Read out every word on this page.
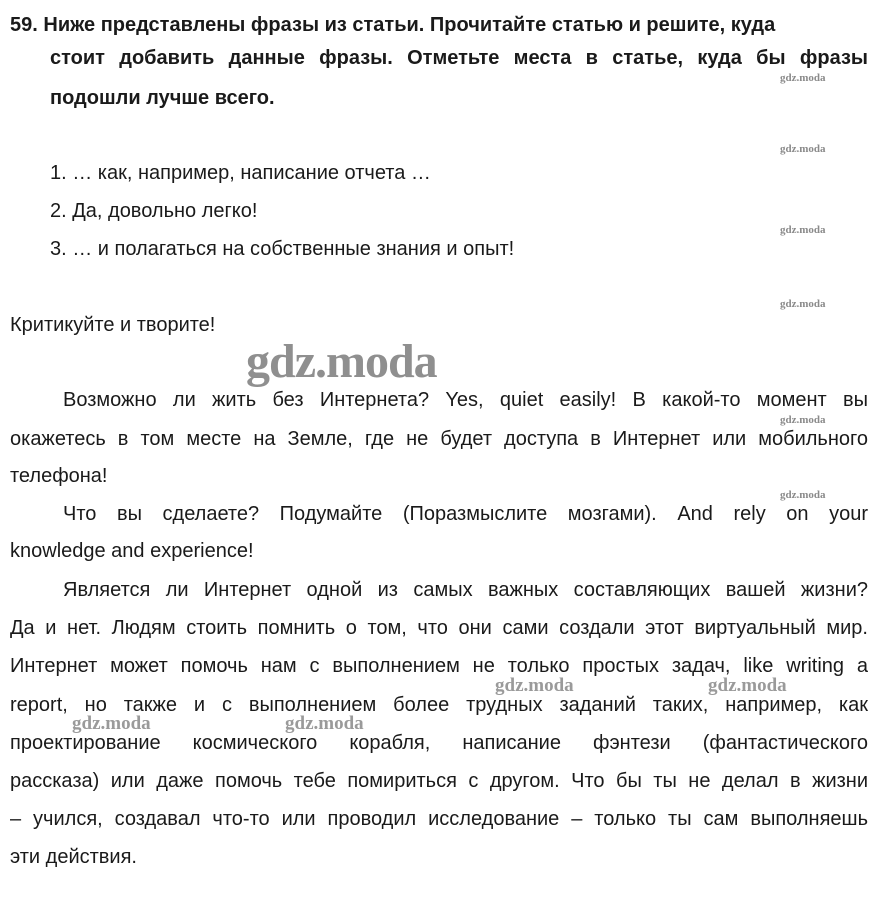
59. Ниже представлены фразы из статьи. Прочитайте статью и решите, куда
стоит добавить данные фразы. Отметьте места в статье, куда бы фразы
подошли лучше всего.
1. … как, например, написание отчета …
2. Да, довольно легко!
3. … и полагаться на собственные знания и опыт!
Критикуйте и творите!
Возможно ли жить без Интернета? Yes, quiet easily! В какой-то момент вы
окажетесь в том месте на Земле, где не будет доступа в Интернет или мобильного
телефона!
Что вы сделаете? Подумайте (Поразмыслите мозгами). And rely on your
knowledge and experience!
Является ли Интернет одной из самых важных составляющих вашей жизни?
Да и нет. Людям стоить помнить о том, что они сами создали этот виртуальный мир.
Интернет может помочь нам с выполнением не только простых задач, like writing a
report, но также и с выполнением более трудных заданий таких, например, как
проектирование космического корабля, написание фэнтези (фантастического
рассказа) или даже помочь тебе помириться с другом. Что бы ты не делал в жизни
– учился, создавал что-то или проводил исследование – только ты сам выполняешь
эти действия.
gdz.moda
gdz.moda
gdz.moda
gdz.moda
gdz.moda
gdz.moda
gdz.moda
gdz.moda	gdz.moda
gdz.moda	gdz.moda
